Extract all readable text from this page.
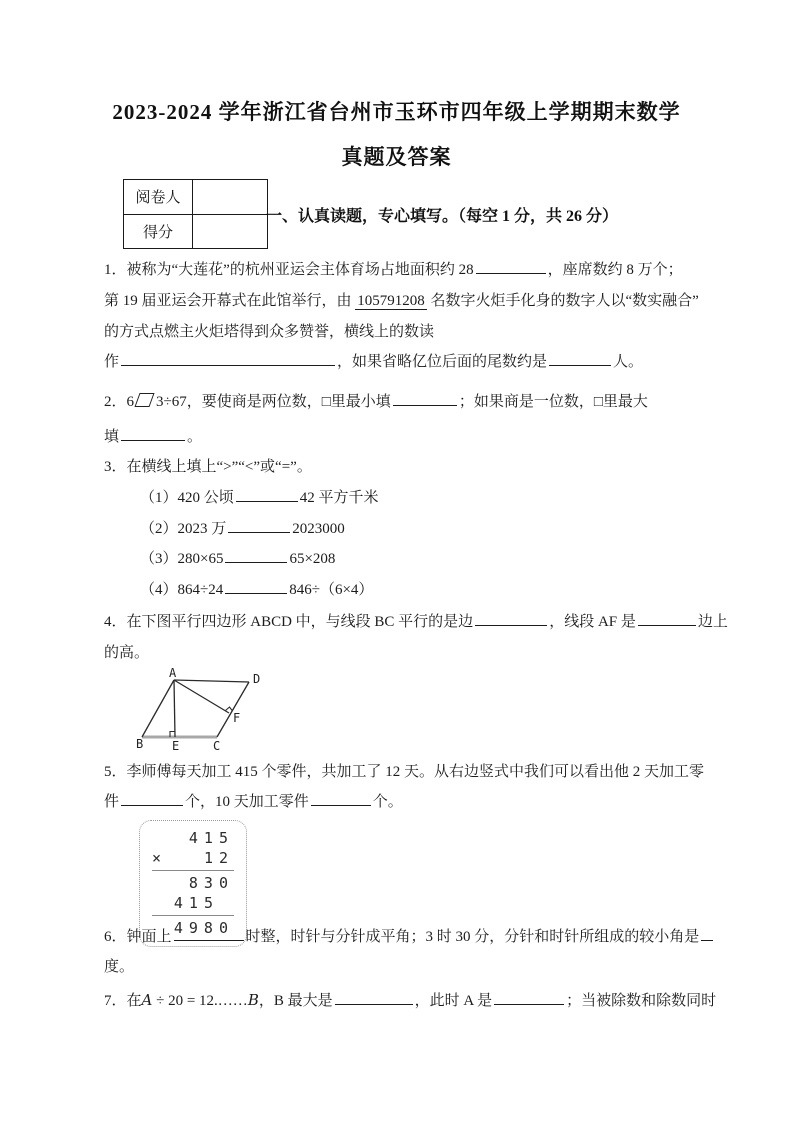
2023-2024 学年浙江省台州市玉环市四年级上学期期末数学
真题及答案
阅卷人	
得分	
一、认真读题，专心填写。（每空 1 分，共 26 分）
1．被称为“大莲花”的杭州亚运会主体育场占地面积约 28	，座席数约 8 万个；
第 19 届亚运会开幕式在此馆举行，由 105791208 名数字火炬手化身的数字人以“数实融合”
的方式点燃主火炬塔得到众多赞誉，横线上的数读
作	，如果省略亿位后面的尾数约是	人。
2．6 3÷67，要使商是两位数，□里最小填	；如果商是一位数，□里最大
填	。
3．在横线上填上“>”“<”或“=”。
（1）420 公顷	42 平方千米
（2）2023 万	2023000
（3）280×65	65×208
（4）864÷24	846÷（6×4）
4．在下图平行四边形 ABCD 中，与线段 BC 平行的是边	，线段 AF 是	边上
的高。
A	D
B E	C
F
5．李师傅每天加工 415 个零件，共加工了 12 天。从右边竖式中我们可以看出他 2 天加工零
件	个，10 天加工零件	个。
415
× 12
830
415
4980
6．钟面上	时整，时针与分针成平角；3 时 30 分，分针和时针所组成的较小角是
度。
7．在A ÷ 20 = 12.……B，B 最大是	，此时 A 是	；当被除数和除数同时
